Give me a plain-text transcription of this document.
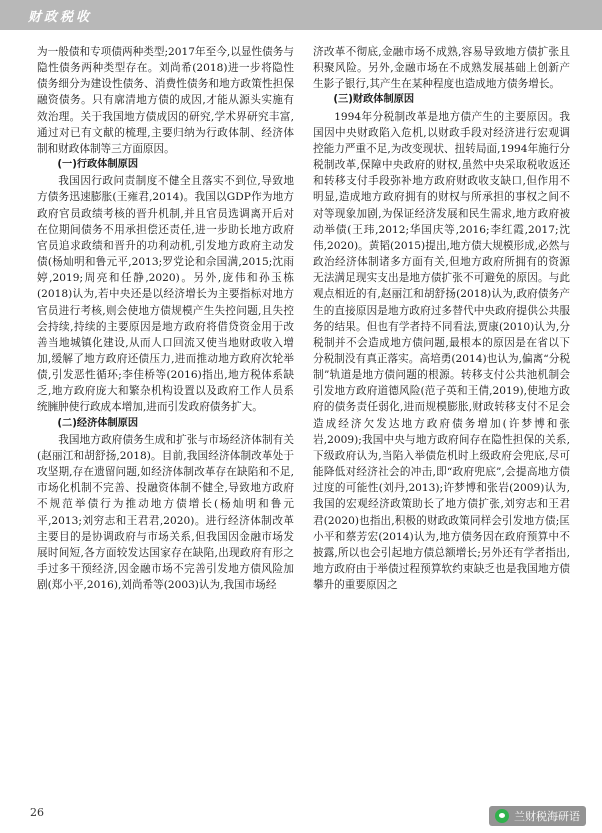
财政税收

为一般债和专项债两种类型;2017年至今,以显性债务与隐性债务两种类型存在。刘尚希(2018)进一步将隐性债务细分为建设性债务、消费性债务和地方政策性担保融资债务。只有廓清地方债的成因,才能从源头实施有效治理。关于我国地方债成因的研究,学术界研究丰富,通过对已有文献的梳理,主要归纳为行政体制、经济体制和财政体制等三方面原因。

(一)行政体制原因

我国因行政问责制度不健全且落实不到位,导致地方债务迅速膨胀(王雍君,2014)。我国以GDP作为地方政府官员政绩考核的晋升机制,并且官员选调离开后对在位期间债务不用承担偿还责任,进一步助长地方政府官员追求政绩和晋升的功利动机,引发地方政府主动发债(杨灿明和鲁元平,2013;罗党论和佘国满,2015;沈雨婷,2019;周亮和任静,2020)。另外,庞伟和孙玉栋(2018)认为,若中央还是以经济增长为主要指标对地方官员进行考核,则会使地方债规模产生失控问题,且失控会持续,持续的主要原因是地方政府将借贷资金用于改善当地城镇化建设,从而人口回流又使当地财政收入增加,缓解了地方政府还债压力,进而推动地方政府次轮举债,引发恶性循环;李佳桥等(2016)指出,地方税体系缺乏,地方政府庞大和繁杂机构设置以及政府工作人员系统臃肿使行政成本增加,进而引发政府债务扩大。

(二)经济体制原因

我国地方政府债务生成和扩张与市场经济体制有关(赵丽江和胡舒扬,2018)。目前,我国经济体制改革处于攻坚期,存在遗留问题,如经济体制改革存在缺陷和不足,市场化机制不完善、投融资体制不健全,导致地方政府不规范举债行为推动地方债增长(杨灿明和鲁元平,2013;刘穷志和王君君,2020)。进行经济体制改革主要目的是协调政府与市场关系,但我国因金融市场发展时间短,各方面较发达国家存在缺陷,出现政府有形之手过多干预经济,因金融市场不完善引发地方债风险加剧(郑小平,2016),刘尚希等(2003)认为,我国市场经

济改革不彻底,金融市场不成熟,容易导致地方债扩张且积聚风险。另外,金融市场在不成熟发展基础上创新产生影子银行,其产生在某种程度也造成地方债务增长。

(三)财政体制原因

1994年分税制改革是地方债产生的主要原因。我国因中央财政陷入危机,以财政手段对经济进行宏观调控能力严重不足,为改变现状、扭转局面,1994年施行分税制改革,保障中央政府的财权,虽然中央采取税收返还和转移支付手段弥补地方政府财政收支缺口,但作用不明显,造成地方政府拥有的财权与所承担的事权之间不对等现象加剧,为保证经济发展和民生需求,地方政府被动举债(王玮,2012;华国庆等,2016;李红霞,2017;沈伟,2020)。黄韬(2015)提出,地方债大规模形成,必然与政治经济体制诸多方面有关,但地方政府所拥有的资源无法满足现实支出是地方债扩张不可避免的原因。与此观点相近的有,赵丽江和胡舒扬(2018)认为,政府债务产生的直接原因是地方政府过多替代中央政府提供公共服务的结果。但也有学者持不同看法,贾康(2010)认为,分税制并不会造成地方债问题,最根本的原因是在省以下分税制没有真正落实。高培勇(2014)也认为,偏离“分税制”轨道是地方债问题的根源。转移支付公共池机制会引发地方政府道德风险(范子英和王倩,2019),使地方政府的债务责任弱化,进而规模膨胀,财政转移支付不足会造成经济欠发达地方政府债务增加(许梦博和张岩,2009);我国中央与地方政府间存在隐性担保的关系,下级政府认为,当陷入举债危机时上级政府会兜底,尽可能降低对经济社会的冲击,即“政府兜底”,会提高地方债过度的可能性(刘丹,2013);许梦博和张岩(2009)认为,我国的宏观经济政策助长了地方债扩张,刘穷志和王君君(2020)也指出,积极的财政政策同样会引发地方债;匡小平和蔡芳宏(2014)认为,地方债务因在政府预算中不披露,所以也会引起地方债总额增长;另外还有学者指出,地方政府由于举债过程预算软约束缺乏也是我国地方债攀升的重要原因之

26	兰财税海研语
